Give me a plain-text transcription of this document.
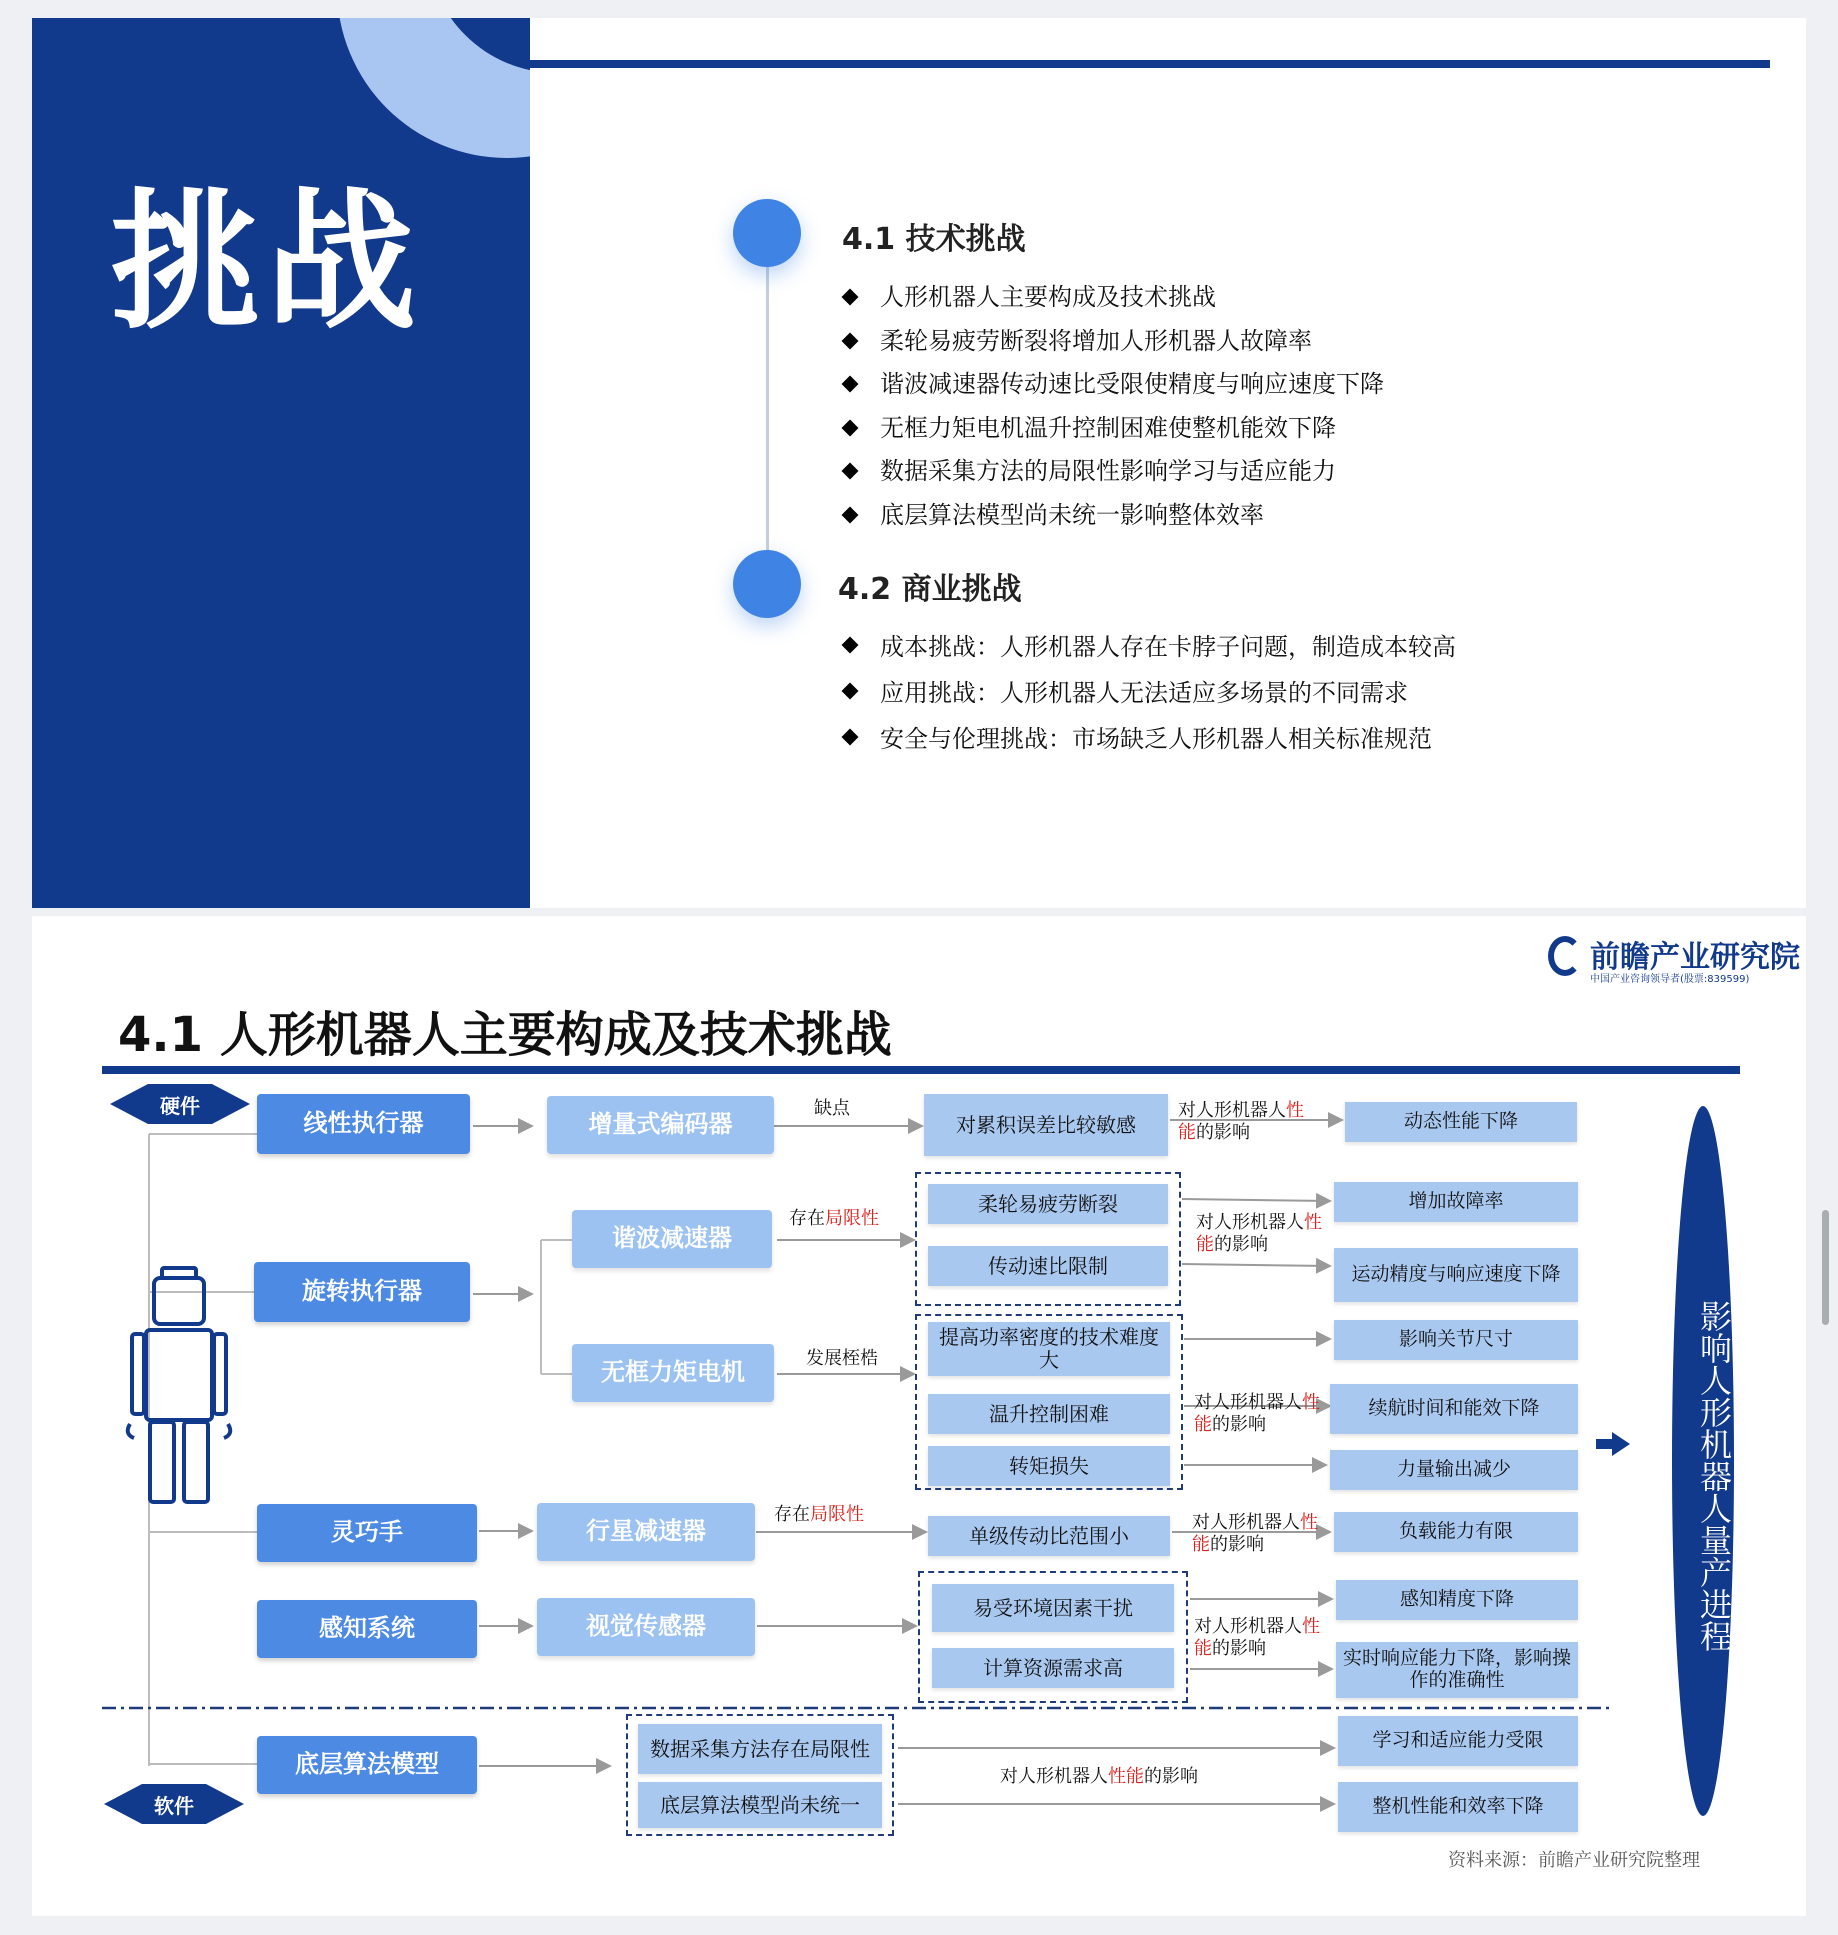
挑战	4.1 技术挑战
人形机器人主要构成及技术挑战
柔轮易疲劳断裂将增加人形机器人故障率
谐波减速器传动速比受限使精度与响应速度下降
无框力矩电机温升控制困难使整机能效下降
数据采集方法的局限性影响学习与适应能力
底层算法模型尚未统一影响整体效率
4.2 商业挑战
成本挑战：人形机器人存在卡脖子问题，制造成本较高
应用挑战：人形机器人无法适应多场景的不同需求
安全与伦理挑战：市场缺乏人形机器人相关标准规范
前瞻产业研究院
中国产业咨询领导者(股票:839599)
4.1 人形机器人主要构成及技术挑战
硬件
软件
线性执行器
旋转执行器
灵巧手
感知系统
底层算法模型
增量式编码器
谐波减速器
无框力矩电机
行星减速器
视觉传感器
缺点
存在局限性
发展桎梏
存在局限性
对累积误差比较敏感
柔轮易疲劳断裂
传动速比限制
提高功率密度的技术难度大
温升控制困难
转矩损失
单级传动比范围小
易受环境因素干扰
计算资源需求高
数据采集方法存在局限性
底层算法模型尚未统一
对人形机器人性能的影响
对人形机器人性能的影响
对人形机器人性能的影响
对人形机器人性能的影响
对人形机器人性能的影响
对人形机器人性能的影响
动态性能下降
增加故障率
运动精度与响应速度下降
影响关节尺寸
续航时间和能效下降
力量输出减少
负载能力有限
感知精度下降
实时响应能力下降，影响操作的准确性
学习和适应能力受限
整机性能和效率下降
影响人形机器人量产进程
资料来源：前瞻产业研究院整理
